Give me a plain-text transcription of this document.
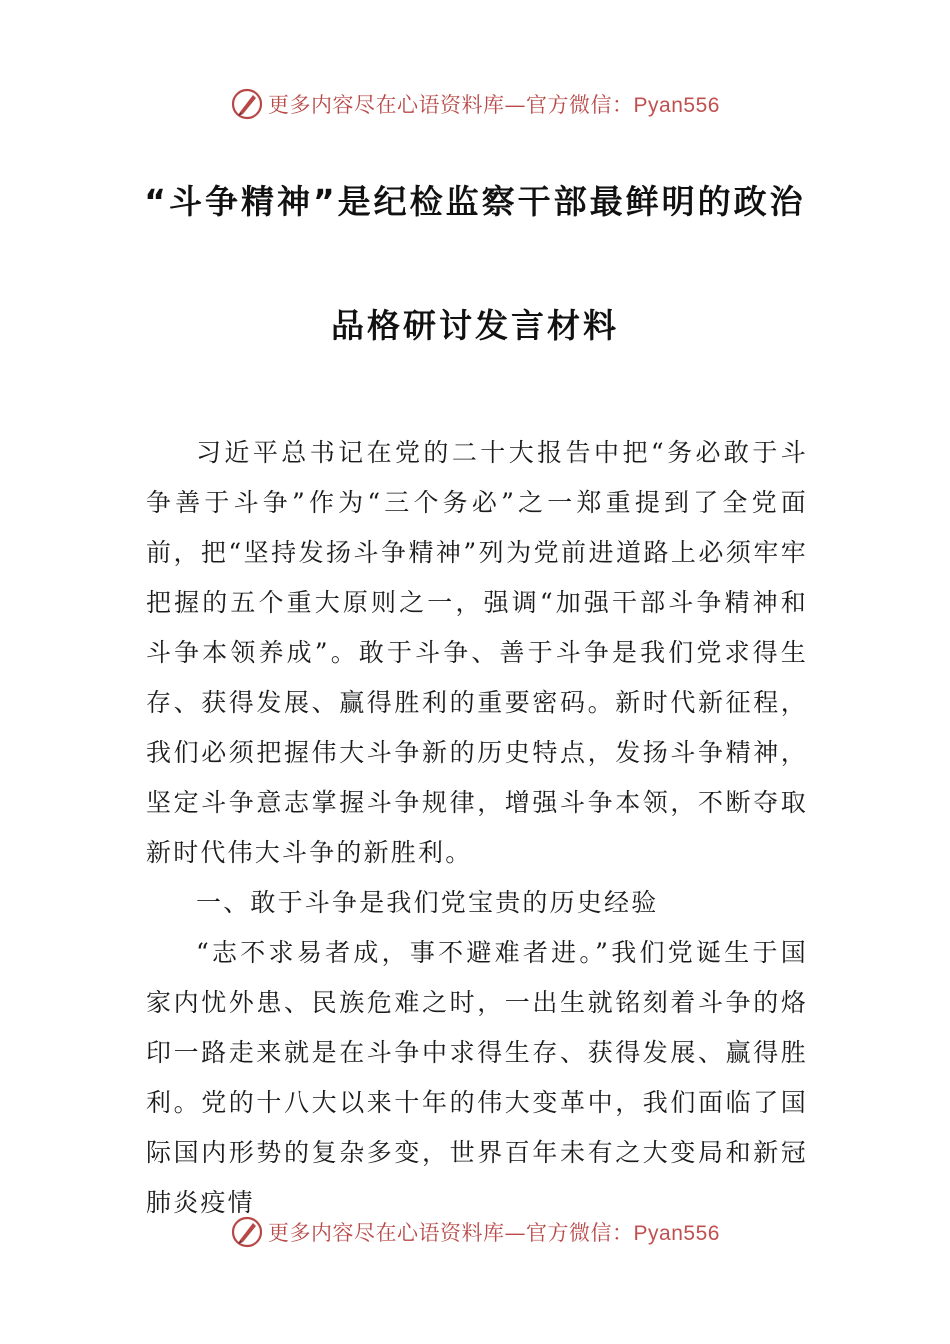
更多内容尽在心语资料库—官方微信：Pyan556
“斗争精神”是纪检监察干部最鲜明的政治
品格研讨发言材料

习近平总书记在党的二十大报告中把“务必敢于斗争善于斗争”作为“三个务必”之一郑重提到了全党面前，把“坚持发扬斗争精神”列为党前进道路上必须牢牢把握的五个重大原则之一，强调“加强干部斗争精神和斗争本领养成”。敢于斗争、善于斗争是我们党求得生存、获得发展、赢得胜利的重要密码。新时代新征程，我们必须把握伟大斗争新的历史特点，发扬斗争精神，坚定斗争意志掌握斗争规律，增强斗争本领，不断夺取新时代伟大斗争的新胜利。

一、敢于斗争是我们党宝贵的历史经验

“志不求易者成，事不避难者进。”我们党诞生于国家内忧外患、民族危难之时，一出生就铭刻着斗争的烙印一路走来就是在斗争中求得生存、获得发展、赢得胜利。党的十八大以来十年的伟大变革中，我们面临了国际国内形势的复杂多变，世界百年未有之大变局和新冠肺炎疫情

更多内容尽在心语资料库—官方微信：Pyan556
